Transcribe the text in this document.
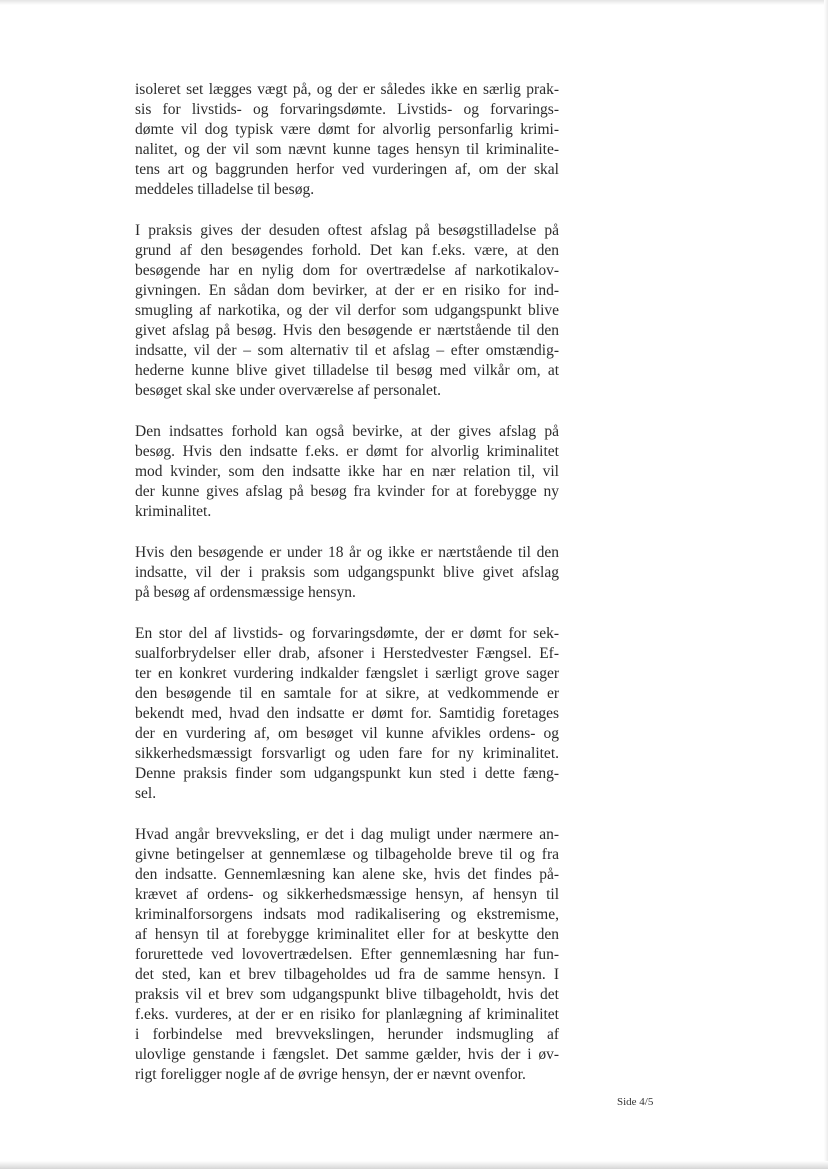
isoleret set lægges vægt på, og der er således ikke en særlig prak-
sis for livstids- og forvaringsdømte. Livstids- og forvarings-
dømte vil dog typisk være dømt for alvorlig personfarlig krimi-
nalitet, og der vil som nævnt kunne tages hensyn til kriminalite-
tens art og baggrunden herfor ved vurderingen af, om der skal
meddeles tilladelse til besøg.
I praksis gives der desuden oftest afslag på besøgstilladelse på
grund af den besøgendes forhold. Det kan f.eks. være, at den
besøgende har en nylig dom for overtrædelse af narkotikalov-
givningen. En sådan dom bevirker, at der er en risiko for ind-
smugling af narkotika, og der vil derfor som udgangspunkt blive
givet afslag på besøg. Hvis den besøgende er nærtstående til den
indsatte, vil der – som alternativ til et afslag – efter omstændig-
hederne kunne blive givet tilladelse til besøg med vilkår om, at
besøget skal ske under overværelse af personalet.
Den indsattes forhold kan også bevirke, at der gives afslag på
besøg. Hvis den indsatte f.eks. er dømt for alvorlig kriminalitet
mod kvinder, som den indsatte ikke har en nær relation til, vil
der kunne gives afslag på besøg fra kvinder for at forebygge ny
kriminalitet.
Hvis den besøgende er under 18 år og ikke er nærtstående til den
indsatte, vil der i praksis som udgangspunkt blive givet afslag
på besøg af ordensmæssige hensyn.
En stor del af livstids- og forvaringsdømte, der er dømt for sek-
sualforbrydelser eller drab, afsoner i Herstedvester Fængsel. Ef-
ter en konkret vurdering indkalder fængslet i særligt grove sager
den besøgende til en samtale for at sikre, at vedkommende er
bekendt med, hvad den indsatte er dømt for. Samtidig foretages
der en vurdering af, om besøget vil kunne afvikles ordens- og
sikkerhedsmæssigt forsvarligt og uden fare for ny kriminalitet.
Denne praksis finder som udgangspunkt kun sted i dette fæng-
sel.
Hvad angår brevveksling, er det i dag muligt under nærmere an-
givne betingelser at gennemlæse og tilbageholde breve til og fra
den indsatte. Gennemlæsning kan alene ske, hvis det findes på-
krævet af ordens- og sikkerhedsmæssige hensyn, af hensyn til
kriminalforsorgens indsats mod radikalisering og ekstremisme,
af hensyn til at forebygge kriminalitet eller for at beskytte den
forurettede ved lovovertrædelsen. Efter gennemlæsning har fun-
det sted, kan et brev tilbageholdes ud fra de samme hensyn. I
praksis vil et brev som udgangspunkt blive tilbageholdt, hvis det
f.eks. vurderes, at der er en risiko for planlægning af kriminalitet
i forbindelse med brevvekslingen, herunder indsmugling af
ulovlige genstande i fængslet. Det samme gælder, hvis der i øv-
rigt foreligger nogle af de øvrige hensyn, der er nævnt ovenfor.
Side 4/5
